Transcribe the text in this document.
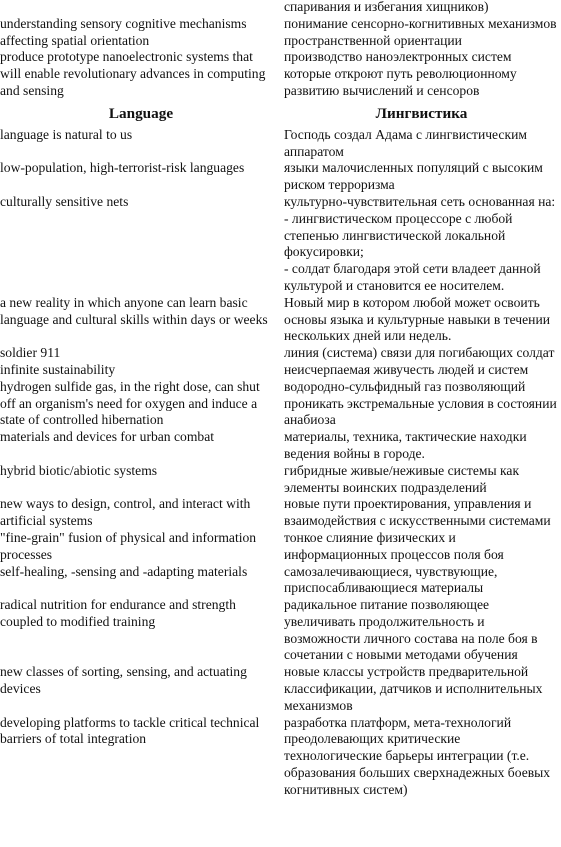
	спаривания и избегания хищников)

understanding sensory cognitive mechanisms affecting spatial orientation	понимание сенсорно-когнитивных механизмов пространственной ориентации

produce prototype nanoelectronic systems that will enable revolutionary advances in computing and sensing	производство наноэлектронных систем которые откроют путь революционному развитию вычислений и сенсоров

Language	Лингвистика
language is natural to us	Господь создал Адама с лингвистическим аппаратом

low-population, high-terrorist-risk languages	языки малочисленных популяций с высоким риском терроризма

culturally sensitive nets	культурно-чувствительная сеть основанная на:
- лингвистическом процессоре с любой степенью лингвистической локальной фокусировки;
- солдат благодаря этой сети владеет данной культурой и становится ее носителем.

a new reality in which anyone can learn basic language and cultural skills within days or weeks	Новый мир в котором любой может освоить основы языка и культурные навыки в течении нескольких дней или недель.

soldier 911	линия (система) связи для погибающих солдат

infinite sustainability	неисчерпаемая живучесть людей и систем

hydrogen sulfide gas, in the right dose, can shut off an organism's need for oxygen and induce a state of controlled hibernation	водородно-сульфидный газ позволяющий проникать экстремальные условия в состоянии анабиоза

materials and devices for urban combat	материалы, техника, тактические находки ведения войны в городе.

hybrid biotic/abiotic systems	гибридные живые/неживые системы как элементы воинских подразделений

new ways to design, control, and interact with artificial systems	новые пути проектирования, управления и взаимодействия с искусственными системами

"fine-grain" fusion of physical and information processes	тонкое слияние физических и информационных процессов поля боя

self-healing, -sensing and -adapting materials	самозалечивающиеся, чувствующие, приспосабливающиеся материалы

radical nutrition for endurance and strength coupled to modified training	радикальное питание позволяющее увеличивать продолжительность и возможности личного состава на поле боя в сочетании с новыми методами обучения

new classes of sorting, sensing, and actuating devices	новые классы устройств предварительной классификации, датчиков и исполнительных механизмов

developing platforms to tackle critical technical barriers of total integration	разработка платформ, мета-технологий преодолевающих критические технологические барьеры интеграции (т.е. образования больших сверхнадежных боевых когнитивных систем)
